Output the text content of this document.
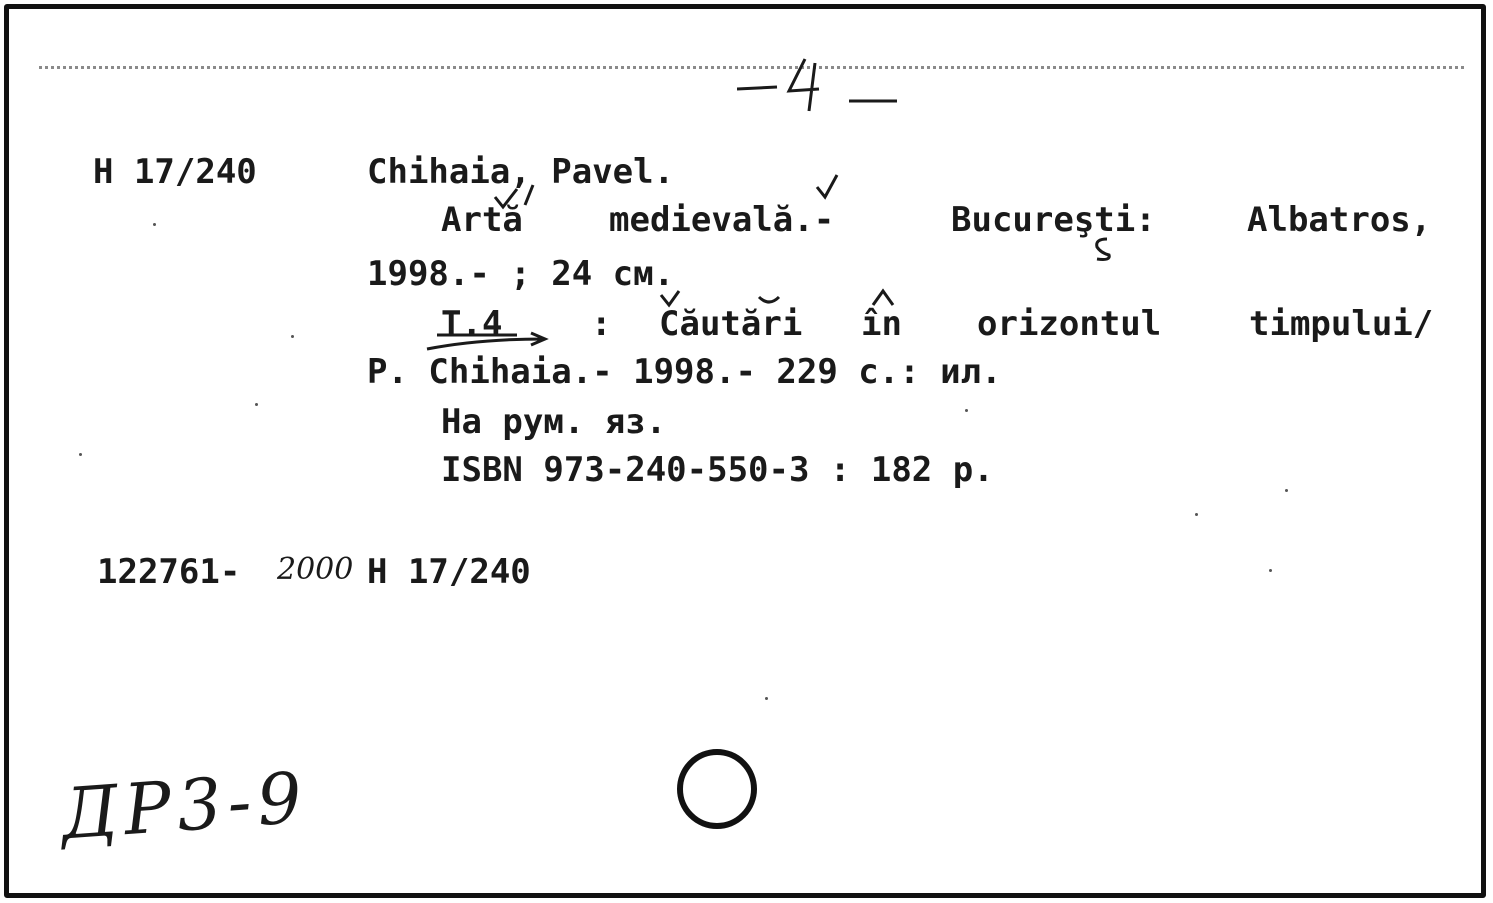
H 17/240	Chihaia, Pavel.
Artă	medievală.-	Bucureşti:	Albatros,
1998.- ; 24 см.
Т.4	: Căutări în orizontul	timpului/
P. Chihaia.- 1998.- 229 с.: ил.
На рум. яз.
ISBN 973-240-550-3 : 182 р.
122761- 2000 H 17/240
ДР3-9
